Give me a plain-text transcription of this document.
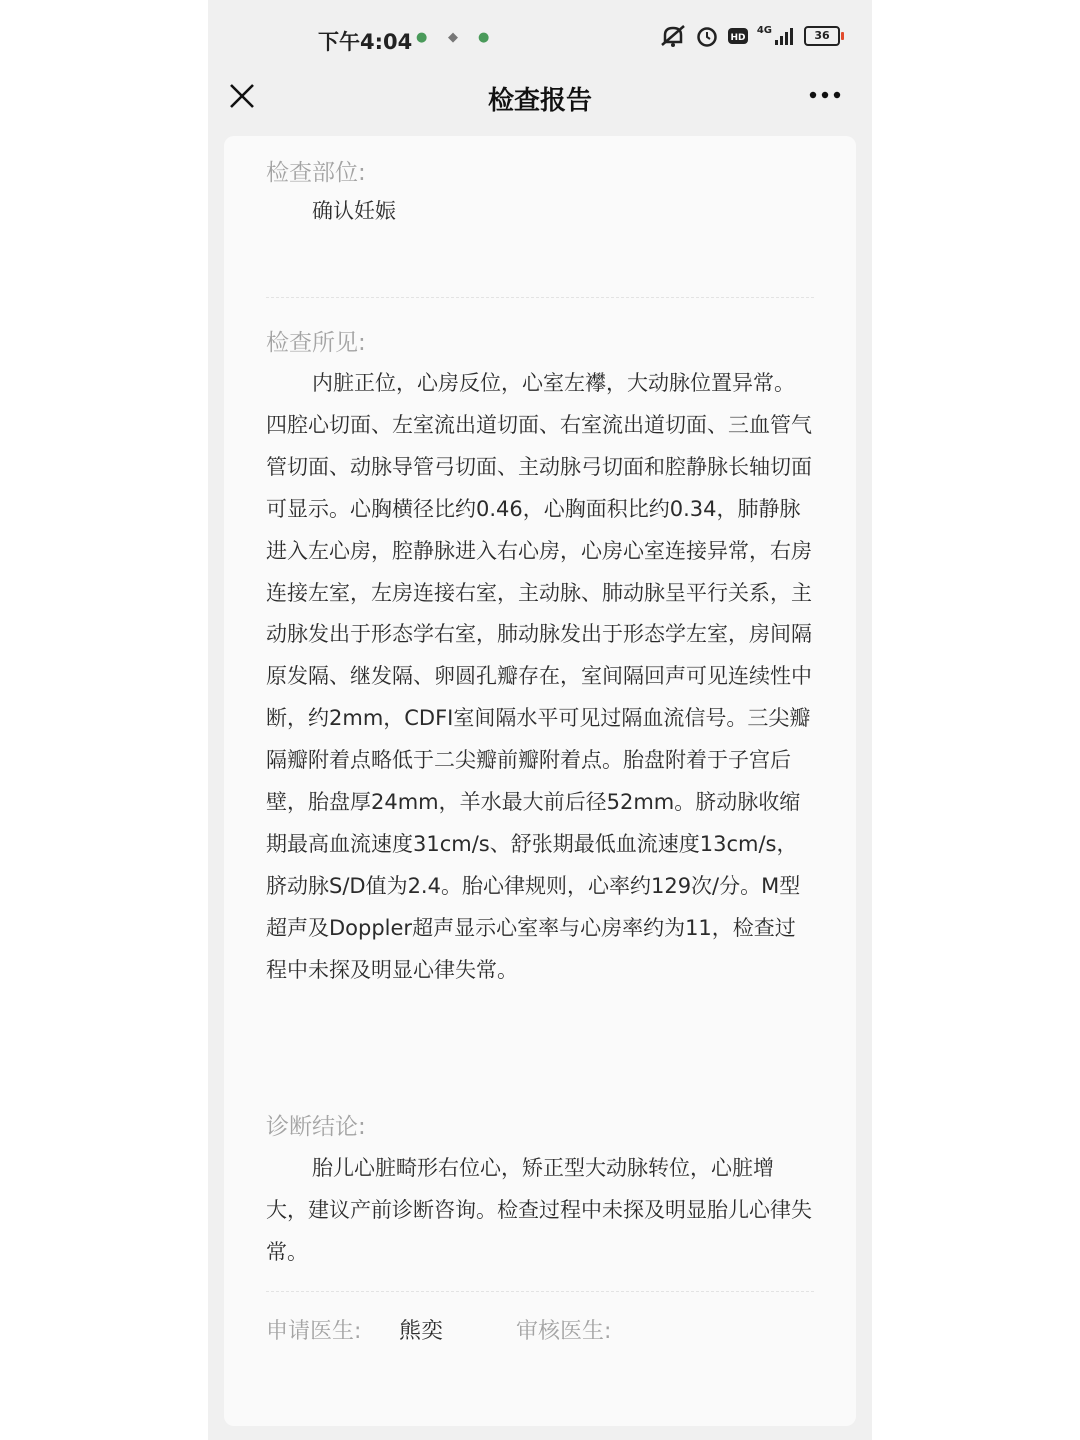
下午4:04 ● ◆ ●	HD
4G	36
检查报告
检查部位:

确认妊娠

检查所见:

内脏正位，心房反位，心室左襻，大动脉位置异常。四腔心切面、左室流出道切面、右室流出道切面、三血管气管切面、动脉导管弓切面、主动脉弓切面和腔静脉长轴切面可显示。心胸横径比约0.46，心胸面积比约0.34，肺静脉进入左心房，腔静脉进入右心房，心房心室连接异常，右房连接左室，左房连接右室，主动脉、肺动脉呈平行关系，主动脉发出于形态学右室，肺动脉发出于形态学左室，房间隔原发隔、继发隔、卵圆孔瓣存在，室间隔回声可见连续性中断，约2mm，CDFI室间隔水平可见过隔血流信号。三尖瓣隔瓣附着点略低于二尖瓣前瓣附着点。胎盘附着于子宫后壁，胎盘厚24mm，羊水最大前后径52mm。脐动脉收缩期最高血流速度31cm/s、舒张期最低血流速度13cm/s，脐动脉S/D值为2.4。胎心律规则，心率约129次/分。M型超声及Doppler超声显示心室率与心房率约为11，检查过程中未探及明显心律失常。

诊断结论:

胎儿心脏畸形右位心，矫正型大动脉转位，心脏增大，建议产前诊断咨询。检查过程中未探及明显胎儿心律失常。

申请医生: 熊奕	审核医生:
